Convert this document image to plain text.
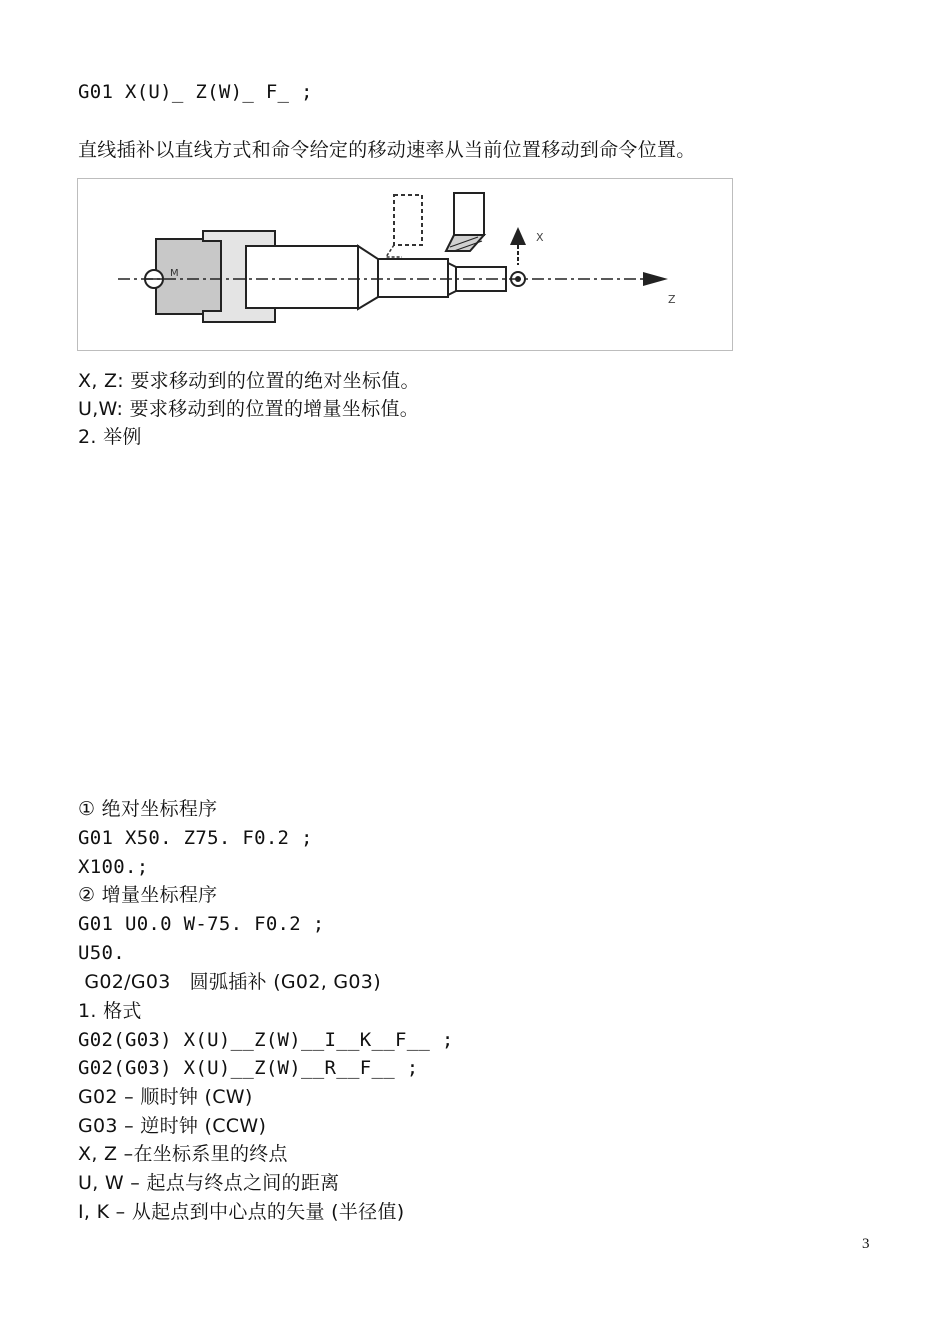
G01 X(U)_ Z(W)_ F_ ;
直线插补以直线方式和命令给定的移动速率从当前位置移动到命令位置。
M
Z
X
X, Z: 要求移动到的位置的绝对坐标值。
U,W: 要求移动到的位置的增量坐标值。
2. 举例
① 绝对坐标程序
G01 X50. Z75. F0.2 ;
X100.;
② 增量坐标程序
G01 U0.0 W-75. F0.2 ;
U50.
G02/G03   圆弧插补 (G02, G03)
1. 格式
G02(G03) X(U)__Z(W)__I__K__F__ ;
G02(G03) X(U)__Z(W)__R__F__ ;
G02 – 顺时钟 (CW)
G03 – 逆时钟 (CCW)
X, Z –在坐标系里的终点
U, W – 起点与终点之间的距离
I, K – 从起点到中心点的矢量 (半径值)
3
